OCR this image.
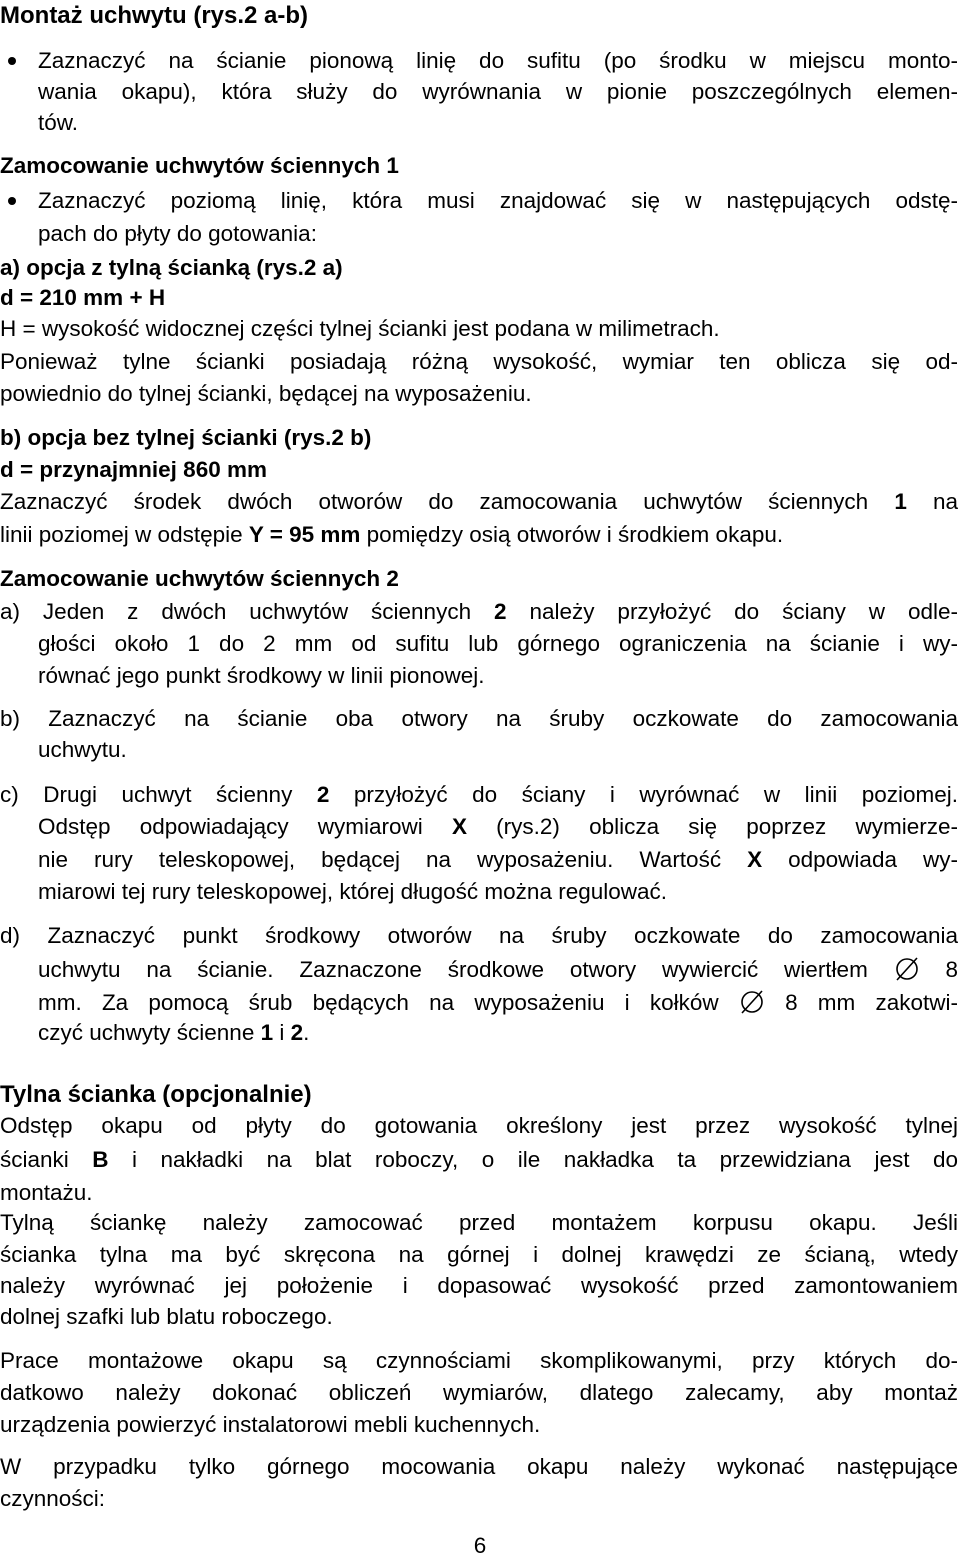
Montaż uchwytu (rys.2 a-b)
Zaznaczyć na ścianie pionową linię do sufitu (po środku w miejscu monto-
wania okapu), która służy do wyrównania w pionie poszczególnych elemen-
tów.
Zamocowanie uchwytów ściennych 1
Zaznaczyć poziomą linię, która musi znajdować się w następujących odstę-
pach do płyty do gotowania:
a) opcja z tylną ścianką (rys.2 a)
d = 210 mm + H
H = wysokość widocznej części tylnej ścianki jest podana w milimetrach.
Ponieważ tylne ścianki posiadają różną wysokość, wymiar ten oblicza się od-
powiednio do tylnej ścianki, będącej na wyposażeniu.
b) opcja bez tylnej ścianki (rys.2 b)
d = przynajmniej 860 mm
Zaznaczyć środek dwóch otworów do zamocowania uchwytów ściennych 1 na
linii poziomej w odstępie Y = 95 mm pomiędzy osią otworów i środkiem okapu.
Zamocowanie uchwytów ściennych 2
a) Jeden z dwóch uchwytów ściennych 2 należy przyłożyć do ściany w odle-
głości około 1 do 2 mm od sufitu lub górnego ograniczenia na ścianie i wy-
równać jego punkt środkowy w linii pionowej.
b) Zaznaczyć na ścianie oba otwory na śruby oczkowate do zamocowania
uchwytu.
c) Drugi uchwyt ścienny 2 przyłożyć do ściany i wyrównać w linii poziomej.
Odstęp odpowiadający wymiarowi X (rys.2) oblicza się poprzez wymierze-
nie rury teleskopowej, będącej na wyposażeniu. Wartość X odpowiada wy-
miarowi tej rury teleskopowej, której długość można regulować.
d) Zaznaczyć punkt środkowy otworów na śruby oczkowate do zamocowania
uchwytu na ścianie. Zaznaczone środkowe otwory wywiercić wiertłem  8
mm. Za pomocą śrub będących na wyposażeniu i kołków  8 mm zakotwi-
czyć uchwyty ścienne 1 i 2.
Tylna ścianka (opcjonalnie)
Odstęp okapu od płyty do gotowania określony jest przez wysokość tylnej
ścianki B i nakładki na blat roboczy, o ile nakładka ta przewidziana jest do
montażu.
Tylną ściankę należy zamocować przed montażem korpusu okapu. Jeśli
ścianka tylna ma być skręcona na górnej i dolnej krawędzi ze ścianą, wtedy
należy wyrównać jej położenie i dopasować wysokość przed zamontowaniem
dolnej szafki lub blatu roboczego.
Prace montażowe okapu są czynnościami skomplikowanymi, przy których do-
datkowo należy dokonać obliczeń wymiarów, dlatego zalecamy, aby montaż
urządzenia powierzyć instalatorowi mebli kuchennych.
W przypadku tylko górnego mocowania okapu należy wykonać następujące
czynności:
6
